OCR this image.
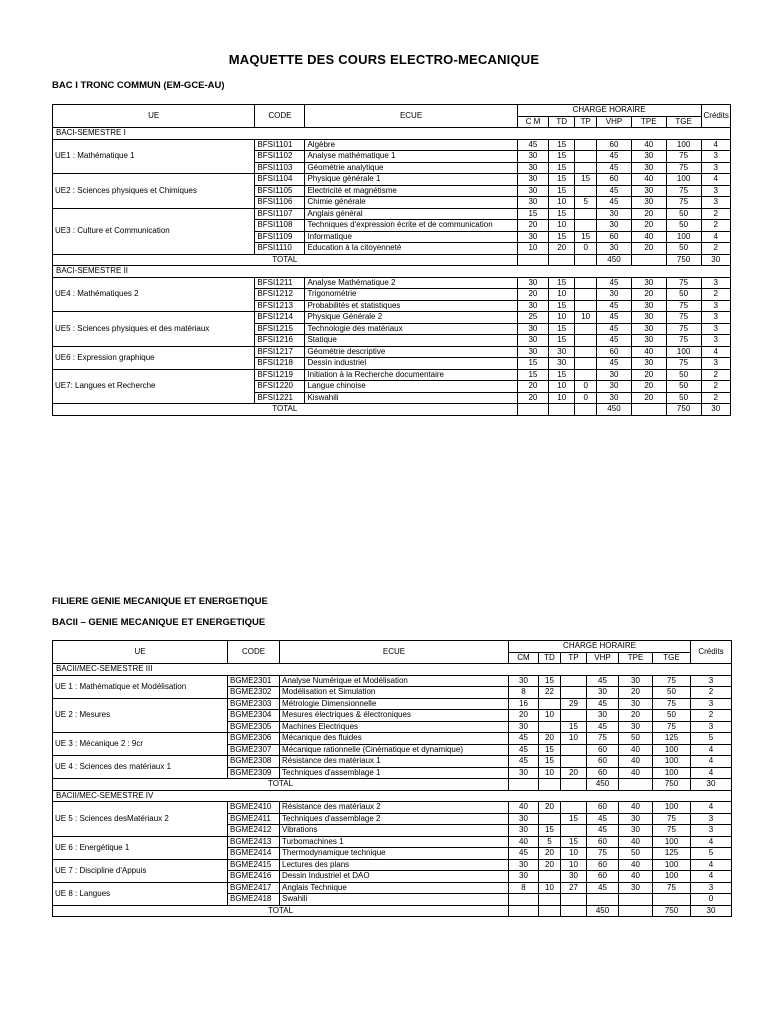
MAQUETTE DES COURS ELECTRO-MECANIQUE
BAC I TRONC COMMUN (EM-GCE-AU)
UE	CODE	ECUE	CHARGE HORAIRE						Crédits
			C M	TD	TP	VHP	TPE	TGE	
BACI-SEMESTRE I									
UE1 : Mathématique 1	BFSI1101	Algèbre	45	15		60	40	100	4
	BFSI1102	Analyse mathématique 1	30	15		45	30	75	3
	BFSI1103	Géométrie analytique	30	15		45	30	75	3
UE2 : Sciences physiques et Chimiques	BFSI1104	Physique générale 1	30	15	15	60	40	100	4
	BFSI1105	Electricité et magnétisme	30	15		45	30	75	3
	BFSI1106	Chimie générale	30	10	5	45	30	75	3
UE3 : Culture et Communication	BFSI1107	Anglais général	15	15		30	20	50	2
	BFSI1108	Techniques d'expression écrite et de communication	20	10		30	20	50	2
	BFSI1109	Informatique	30	15	15	60	40	100	4
	BFSI1110	Education à la citoyenneté	10	20	0	30	20	50	2
TOTAL						450		750	30
BACI-SEMESTRE II									
UE4 : Mathématiques 2	BFSI1211	Analyse Mathématique 2	30	15		45	30	75	3
	BFSI1212	Trigonométrie	20	10		30	20	50	2
	BFSI1213	Probabilités et statistiques	30	15		45	30	75	3
UE5 : Sciences physiques et des matériaux	BFSI1214	Physique Générale 2	25	10	10	45	30	75	3
	BFSI1215	Technologie des matériaux	30	15		45	30	75	3
	BFSI1216	Statique	30	15		45	30	75	3
UE6 : Expression graphique	BFSI1217	Géométrie descriptive	30	30		60	40	100	4
	BFSI1218	Dessin industriel	15	30		45	30	75	3
UE7: Langues et Recherche	BFSI1219	Initiation à la Recherche documentaire	15	15		30	20	50	2
	BFSI1220	Langue chinoise	20	10	0	30	20	50	2
	BFSI1221	Kiswahili	20	10	0	30	20	50	2
TOTAL						450		750	30
FILIERE GENIE MECANIQUE ET ENERGETIQUE
BACII – GENIE MECANIQUE ET ENERGETIQUE
UE	CODE	ECUE	CHARGE HORAIRE						Crédits
			CM	TD	TP	VHP	TPE	TGE	
BACII/MEC-SEMESTRE III									
UE 1 : Mathématique et Modélisation	BGME2301	Analyse Numérique et Modélisation	30	15		45	30	75	3
	BGME2302	Modélisation et Simulation	8	22		30	20	50	2
UE 2 : Mesures	BGME2303	Métrologie Dimensionnelle	16		29	45	30	75	3
	BGME2304	Mesures électriques & électroniques	20	10		30	20	50	2
	BGME2305	Machines Electriques	30		15	45	30	75	3
UE 3 : Mécanique 2 : 9cr	BGME2306	Mécanique des fluides	45	20	10	75	50	125	5
	BGME2307	Mécanique rationnelle (Cinématique et dynamique)	45	15		60	40	100	4
UE 4 : Sciences des matériaux 1	BGME2308	Résistance des matériaux 1	45	15		60	40	100	4
	BGME2309	Techniques d'assemblage 1	30	10	20	60	40	100	4
TOTAL						450		750	30
BACII/MEC-SEMESTRE IV									
UE 5 : Sciences desMatériaux 2	BGME2410	Résistance des matériaux 2	40	20		60	40	100	4
	BGME2411	Techniques d'assemblage 2	30		15	45	30	75	3
	BGME2412	Vibrations	30	15		45	30	75	3
UE 6 : Energétique 1	BGME2413	Turbomachines 1	40	5	15	60	40	100	4
	BGME2414	Thermodynamique technique	45	20	10	75	50	125	5
UE 7 : Discipline d'Appuis	BGME2415	Lectures des plans	30	20	10	60	40	100	4
	BGME2416	Dessin Industriel et DAO	30		30	60	40	100	4
UE 8 : Langues	BGME2417	Anglais Technique	8	10	27	45	30	75	3
	BGME2418	Swahili							0
TOTAL						450		750	30
